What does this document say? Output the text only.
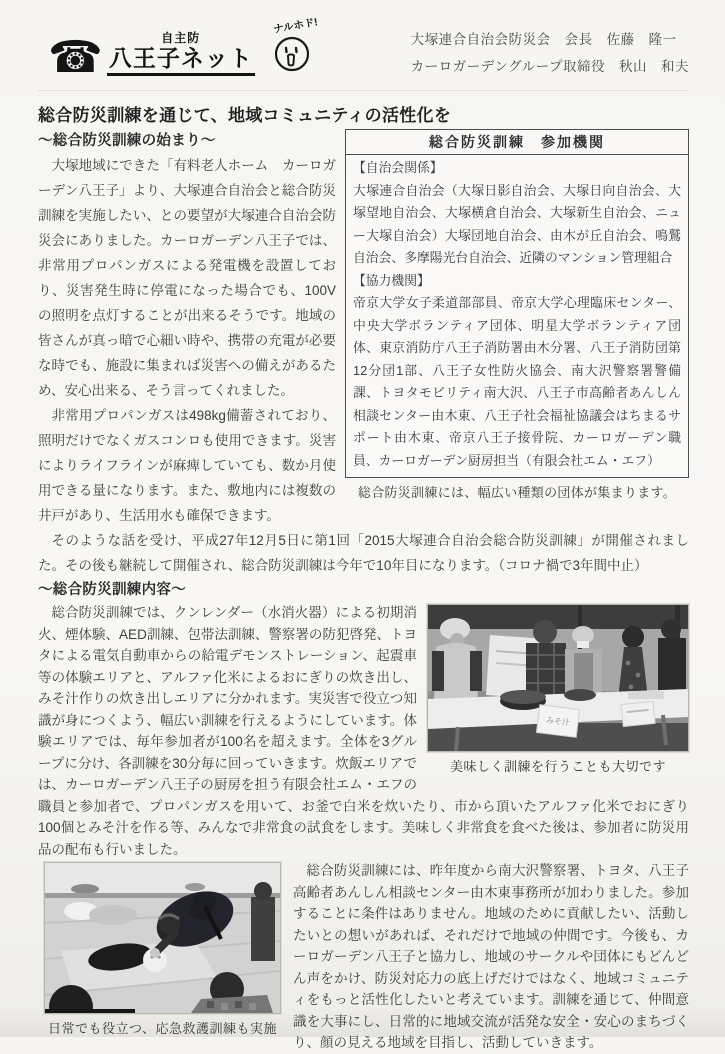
☎	自主防
八王子ネット
ナルホド!
大塚連合自治会防災会　会長　佐藤　隆一
カーロガーデングループ取締役　秋山　和夫
総合防災訓練を通じて、地域コミュニティの活性化を
総合防災訓練　参加機関
【自治会関係】
大塚連合自治会（大塚日影自治会、大塚日向自治会、大塚望地自治会、大塚横倉自治会、大塚新生自治会、ニュー大塚自治会）大塚団地自治会、由木が丘自治会、鳴鷲自治会、多摩陽光台自治会、近隣のマンション管理組合
【協力機関】
帝京大学女子柔道部部員、帝京大学心理臨床センター、中央大学ボランティア団体、明星大学ボランティア団体、東京消防庁八王子消防署由木分署、八王子消防団第12分団1部、八王子女性防火協会、南大沢警察署警備課、トヨタモビリティ南大沢、八王子市高齢者あんしん相談センター由木東、八王子社会福祉協議会はちまるサポート由木東、帝京八王子接骨院、カーロガーデン職員、カーロガーデン厨房担当（有限会社エム・エフ）
総合防災訓練には、幅広い種類の団体が集まります。
～総合防災訓練の始まり～

大塚地域にできた「有料老人ホーム　カーロガーデン八王子」より、大塚連合自治会と総合防災訓練を実施したい、との要望が大塚連合自治会防災会にありました。カーロガーデン八王子では、非常用プロパンガスによる発電機を設置しており、災害発生時に停電になった場合でも、100Vの照明を点灯することが出来るそうです。地域の皆さんが真っ暗で心細い時や、携帯の充電が必要な時でも、施設に集まれば災害への備えがあるため、安心出来る、そう言ってくれました。

非常用プロパンガスは498kg備蓄されており、照明だけでなくガスコンロも使用できます。災害によりライフラインが麻痺していても、数か月使用できる量になります。また、敷地内には複数の井戸があり、生活用水も確保できます。

そのような話を受け、平成27年12月5日に第1回「2015大塚連合自治会総合防災訓練」が開催されました。その後も継続して開催され、総合防災訓練は今年で10年目になります。（コロナ禍で3年間中止）

～総合防災訓練内容～
みそ汁
美味しく訓練を行うことも大切です

総合防災訓練では、クンレンダー（水消火器）による初期消火、煙体験、AED訓練、包帯法訓練、警察署の防犯啓発、トヨタによる電気自動車からの給電デモンストレーション、起震車等の体験エリアと、アルファ化米によるおにぎりの炊き出し、みそ汁作りの炊き出しエリアに分かれます。実災害で役立つ知識が身につくよう、幅広い訓練を行えるようにしています。体験エリアでは、毎年参加者が100名を超えます。全体を3グループに分け、各訓練を30分毎に回っていきます。炊飯エリアでは、カーロガーデン八王子の厨房を担う有限会社エム・エフの職員と参加者で、プロパンガスを用いて、お釜で白米を炊いたり、市から頂いたアルファ化米でおにぎり100個とみそ汁を作る等、みんなで非常食の試食をします。美味しく非常食を食べた後は、参加者に防災用品の配布も行いました。

日常でも役立つ、応急救護訓練も実施

総合防災訓練には、昨年度から南大沢警察署、トヨタ、八王子高齢者あんしん相談センター由木東事務所が加わりました。参加することに条件はありません。地域のために貢献したい、活動したいとの想いがあれば、それだけで地域の仲間です。今後も、カーロガーデン八王子と協力し、地域のサークルや団体にもどんどん声をかけ、防災対応力の底上げだけではなく、地域コミュニティをもっと活性化したいと考えています。訓練を通じて、仲間意識を大事にし、日常的に地域交流が活発な安全・安心のまちづくり、顔の見える地域を目指し、活動していきます。
